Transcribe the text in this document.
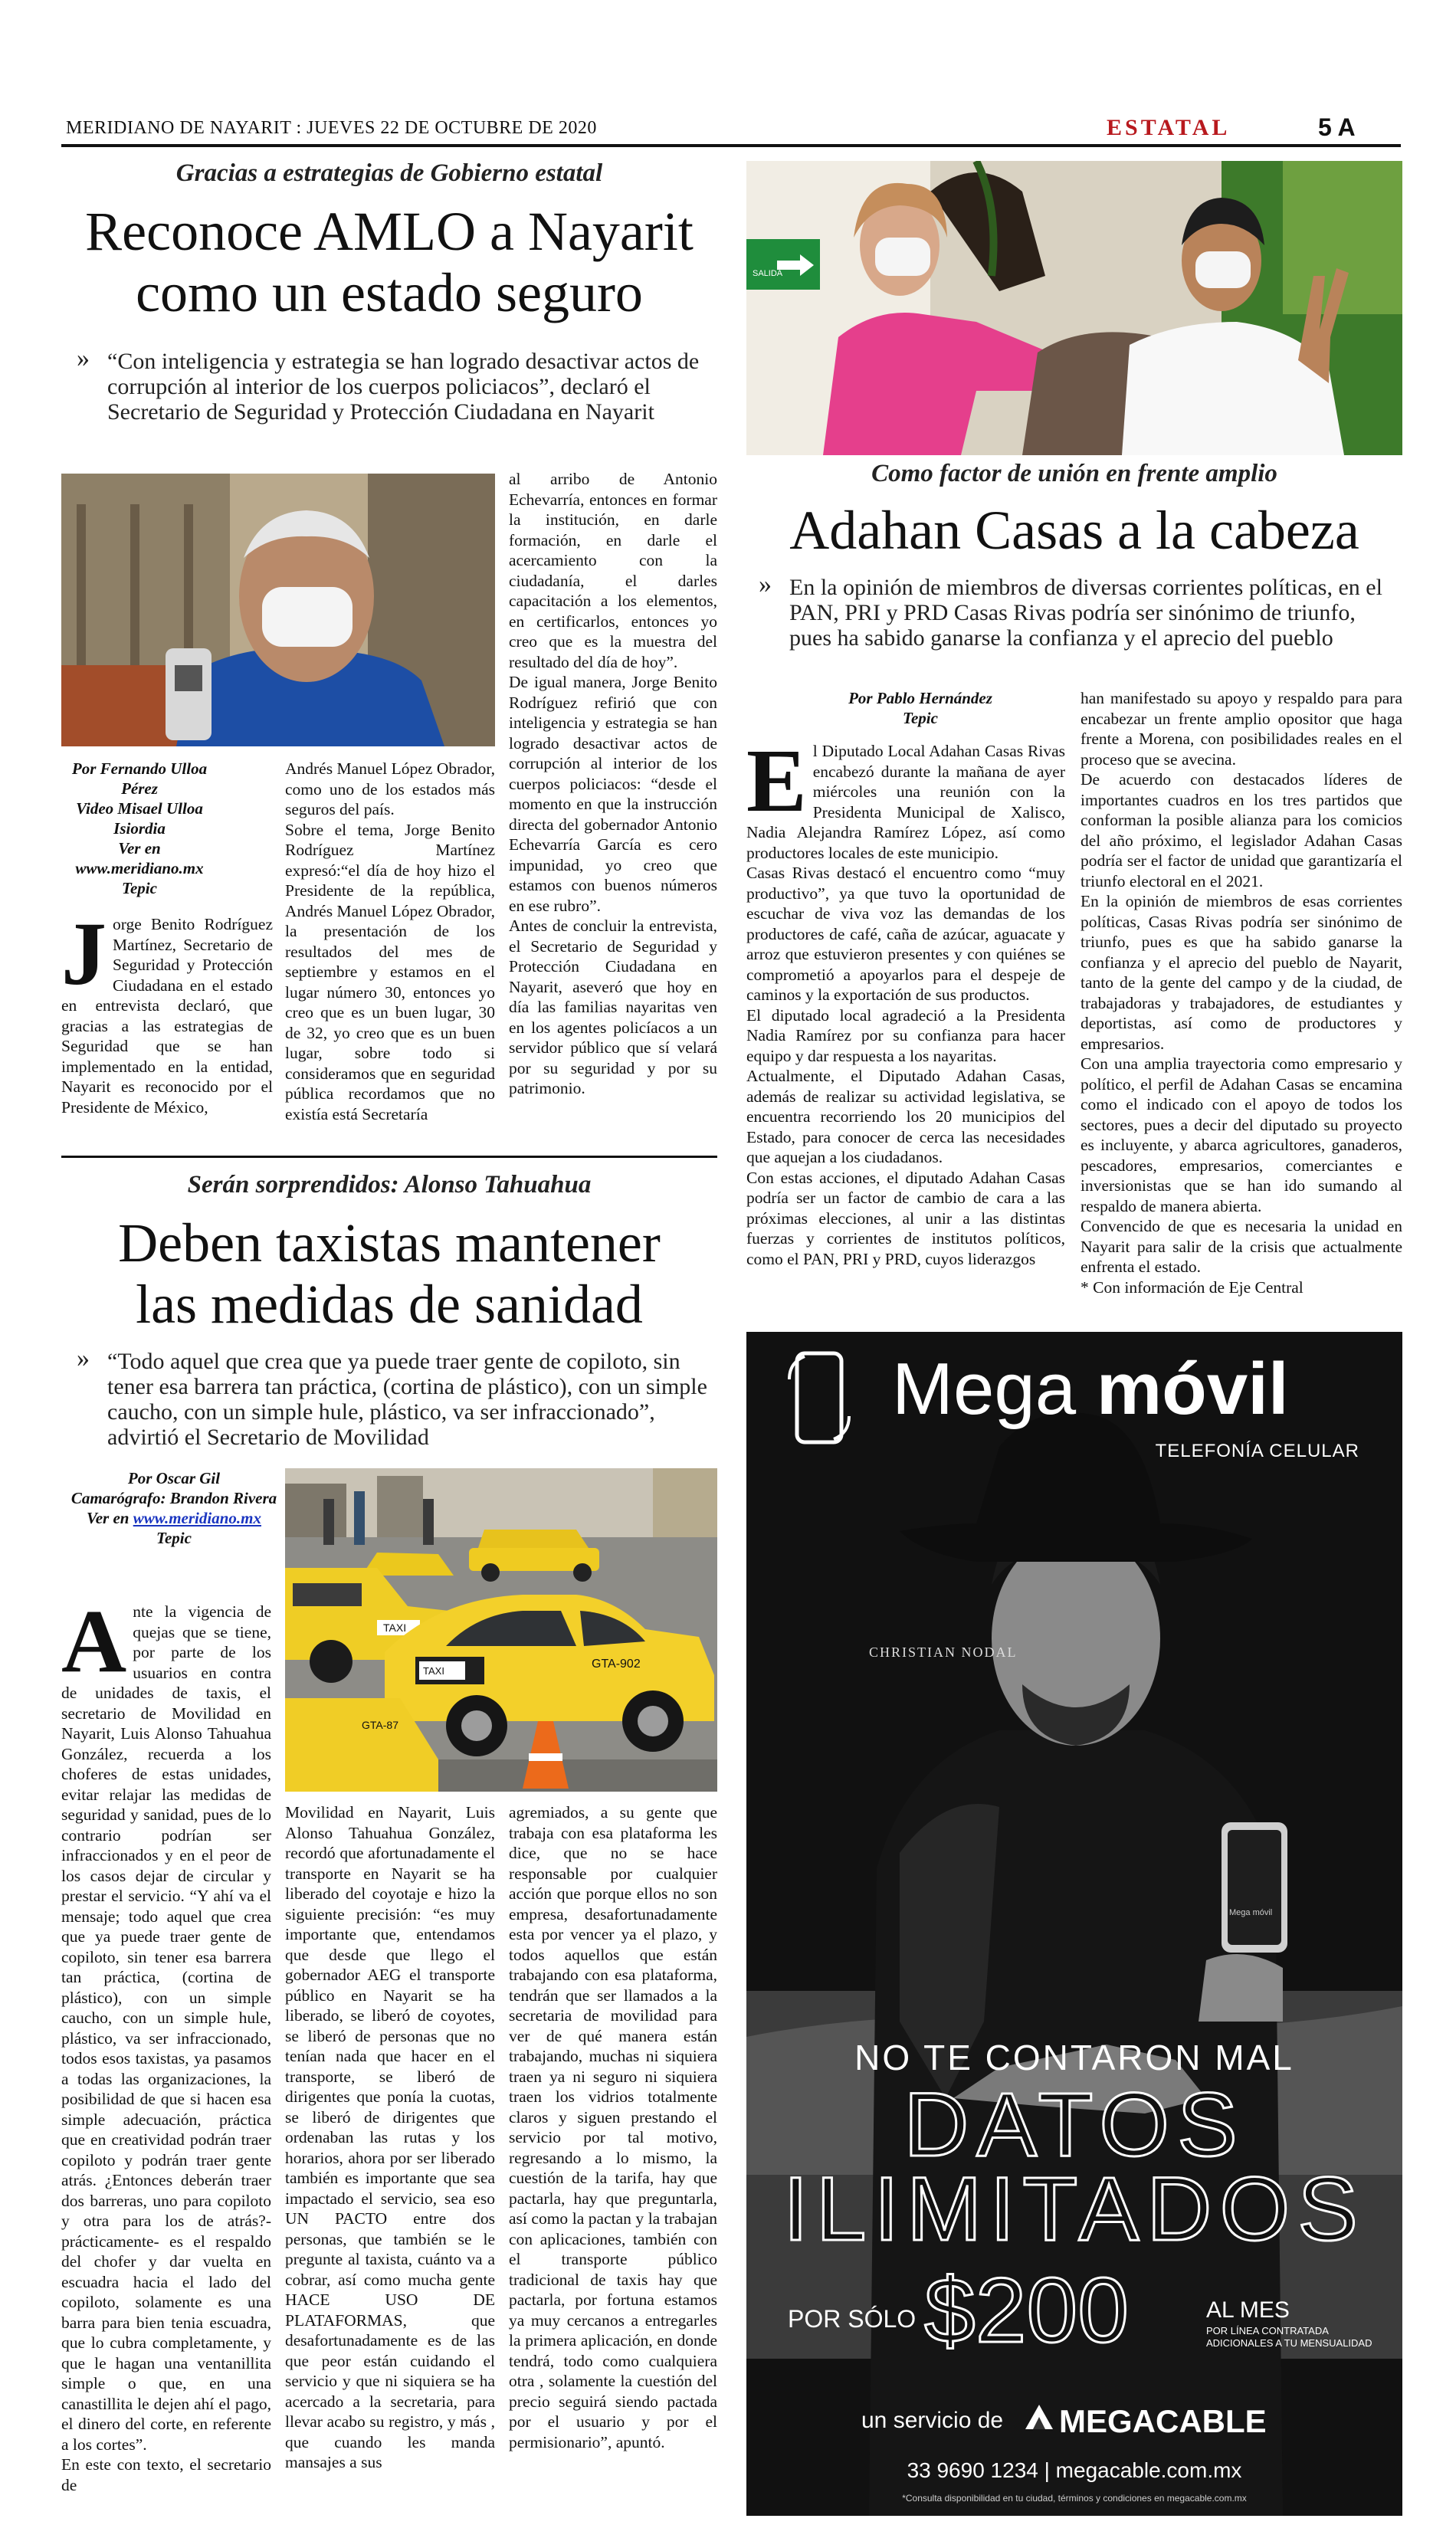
MERIDIANO DE NAYARIT : JUEVES 22 DE OCTUBRE DE 2020	ESTATAL	5 A
Gracias a estrategias de Gobierno estatal
Reconoce AMLO a Nayarit
como un estado seguro
» “Con inteligencia y estrategia se han logrado desactivar actos de corrupción al interior de los cuerpos policiacos”, declaró el Secretario de Seguridad y Protección Ciudadana en Nayarit
Por Fernando Ulloa Pérez
Video Misael Ulloa Isiordia
Ver en www.meridiano.mx
Tepic
J orge Benito Rodríguez Martínez, Secretario de Seguridad y Protección Ciudadana en el estado en entrevista declaró, que gracias a las estrategias de Seguridad que se han implementado en la entidad, Nayarit es reconocido por el Presidente de México,

Andrés Manuel López Obrador, como uno de los estados más seguros del país.

Sobre el tema, Jorge Benito Rodríguez Martínez expresó:“el día de hoy hizo el Presidente de la república, Andrés Manuel López Obrador, la presentación de los resultados del mes de septiembre y estamos en el lugar número 30, entonces yo creo que es un buen lugar, 30 de 32, yo creo que es un buen lugar, sobre todo si consideramos que en seguridad pública recordamos que no existía está Secretaría

al arribo de Antonio Echevarría, entonces en formar la institución, en darle formación, en darle el acercamiento con la ciudadanía, el darles capacitación a los elementos, en certificarlos, entonces yo creo que es la muestra del resultado del día de hoy”.

De igual manera, Jorge Benito Rodríguez refirió que con inteligencia y estrategia se han logrado desactivar actos de corrupción al interior de los cuerpos policiacos: “desde el momento en que la instrucción directa del gobernador Antonio Echevarría García es cero impunidad, yo creo que estamos con buenos números en ese rubro”.

Antes de concluir la entrevista, el Secretario de Seguridad y Protección Ciudadana en Nayarit, aseveró que hoy en día las familias nayaritas ven en los agentes policíacos a un servidor público que sí velará por su seguridad y por su patrimonio.

Serán sorprendidos: Alonso Tahuahua
Deben taxistas mantener
las medidas de sanidad
» “Todo aquel que crea que ya puede traer gente de copiloto, sin tener esa barrera tan práctica, (cortina de plástico), con un simple caucho, con un simple hule, plástico, va ser infraccionado”, advirtió el Secretario de Movilidad
Por Oscar Gil
Camarógrafo: Brandon Rivera
Ver en www.meridiano.mx
Tepic
TAXI
TAXI
GTA-902
GTA-87
A nte la vigencia de quejas que se tiene, por parte de los usuarios en contra de unidades de taxis, el secretario de Movilidad en Nayarit, Luis Alonso Tahuahua González, recuerda a los choferes de estas unidades, evitar relajar las medidas de seguridad y sanidad, pues de lo contrario podrían ser infraccionados y en el peor de los casos dejar de circular y prestar el servicio. “Y ahí va el mensaje; todo aquel que crea que ya puede traer gente de copiloto, sin tener esa barrera tan práctica, (cortina de plástico), con un simple caucho, con un simple hule, plástico, va ser infraccionado, todos esos taxistas, ya pasamos a todas las organizaciones, la posibilidad de que si hacen esa simple adecuación, práctica que en creatividad podrán traer copiloto y podrán traer gente atrás. ¿Entonces deberán traer dos barreras, uno para copiloto y otra para los de atrás?- prácticamente- es el respaldo del chofer y dar vuelta en escuadra hacia el lado del copiloto, solamente es una barra para bien tenia escuadra, que lo cubra completamente, y que le hagan una ventanillita simple o que, en una canastillita le dejen ahí el pago, el dinero del corte, en referente a los cortes”.

En este con texto, el secretario de

Movilidad en Nayarit, Luis Alonso Tahuahua González, recordó que afortunadamente el transporte en Nayarit se ha liberado del coyotaje e hizo la siguiente precisión: “es muy importante que, entendamos que desde que llego el gobernador AEG el transporte público en Nayarit se ha liberado, se liberó de coyotes, se liberó de personas que no tenían nada que hacer en el transporte, se liberó de dirigentes que ponía la cuotas, se liberó de dirigentes que ordenaban las rutas y los horarios, ahora por ser liberado también es importante que sea impactado el servicio, sea eso UN PACTO entre dos personas, que también se le pregunte al taxista, cuánto va a cobrar, así como mucha gente HACE USO DE PLATAFORMAS, que desafortunadamente es de las que peor están cuidando el servicio y que ni siquiera se ha acercado a la secretaria, para llevar acabo su registro, y más , que cuando les manda mansajes a sus
agremiados, a su gente que trabaja con esa plataforma les dice, que no se hace responsable por cualquier acción que porque ellos no son empresa, desafortunadamente esta por vencer ya el plazo, y todos aquellos que están trabajando con esa plataforma, tendrán que ser llamados a la secretaria de movilidad para ver de qué manera están trabajando, muchas ni siquiera traen ya ni seguro ni siquiera traen los vidrios totalmente claros y siguen prestando el servicio por tal motivo, regresando a lo mismo, la cuestión de la tarifa, hay que pactarla, hay que preguntarla, así como la pactan y la trabajan con aplicaciones, también con el transporte público tradicional de taxis hay que pactarla, por fortuna estamos ya muy cercanos a entregarles la primera aplicación, en donde tendrá, todo como cualquiera otra , solamente la cuestión del precio seguirá siendo pactada por el usuario y por el permisionario”, apuntó.
SALIDA
Como factor de unión en frente amplio
Adahan Casas a la cabeza
» En la opinión de miembros de diversas corrientes políticas, en el PAN, PRI y PRD Casas Rivas podría ser sinónimo de triunfo, pues ha sabido ganarse la confianza y el aprecio del pueblo
Por Pablo Hernández
Tepic
E l Diputado Local Adahan Casas Rivas encabezó durante la mañana de ayer miércoles una reunión con la Presidenta Municipal de Xalisco, Nadia Alejandra Ramírez López, así como productores locales de este municipio.

Casas Rivas destacó el encuentro como “muy productivo”, ya que tuvo la oportunidad de escuchar de viva voz las demandas de los productores de café, caña de azúcar, aguacate y arroz que estuvieron presentes y con quiénes se comprometió a apoyarlos para el despeje de caminos y la exportación de sus productos.

El diputado local agradeció a la Presidenta Nadia Ramírez por su confianza para hacer equipo y dar respuesta a los nayaritas.

Actualmente, el Diputado Adahan Casas, además de realizar su actividad legislativa, se encuentra recorriendo los 20 municipios del Estado, para conocer de cerca las necesidades que aquejan a los ciudadanos.

Con estas acciones, el diputado Adahan Casas podría ser un factor de cambio de cara a las próximas elecciones, al unir a las distintas fuerzas y corrientes de institutos políticos, como el PAN, PRI y PRD, cuyos liderazgos

han manifestado su apoyo y respaldo para para encabezar un frente amplio opositor que haga frente a Morena, con posibilidades reales en el proceso que se avecina.

De acuerdo con destacados líderes de importantes cuadros en los tres partidos que conforman la posible alianza para los comicios del año próximo, el legislador Adahan Casas podría ser el factor de unidad que garantizaría el triunfo electoral en el 2021.

En la opinión de miembros de esas corrientes políticas, Casas Rivas podría ser sinónimo de triunfo, pues es que ha sabido ganarse la confianza y el aprecio del pueblo de Nayarit, tanto de la gente del campo y de la ciudad, de trabajadoras y trabajadores, de estudiantes y deportistas, así como de productores y empresarios.

Con una amplia trayectoria como empresario y político, el perfil de Adahan Casas se encamina como el indicado con el apoyo de todos los sectores, pues a decir del diputado su proyecto es incluyente, y abarca agricultores, ganaderos, pescadores, empresarios, comerciantes e inversionistas que se han ido sumando al respaldo de manera abierta.

Convencido de que es necesaria la unidad en Nayarit para salir de la crisis que actualmente enfrenta el estado.

* Con información de Eje Central

Mega móvil
TELEFONÍA CELULAR
CHRISTIAN NODAL
Mega móvil
NO TE CONTARON MAL
DATOS
ILIMITADOS
POR SÓLO $200	AL MES
POR LÍNEA CONTRATADA
ADICIONALES A TU MENSUALIDAD
un servicio de MEGACABLE
33 9690 1234 | megacable.com.mx
*Consulta disponibilidad en tu ciudad, términos y condiciones en megacable.com.mx
